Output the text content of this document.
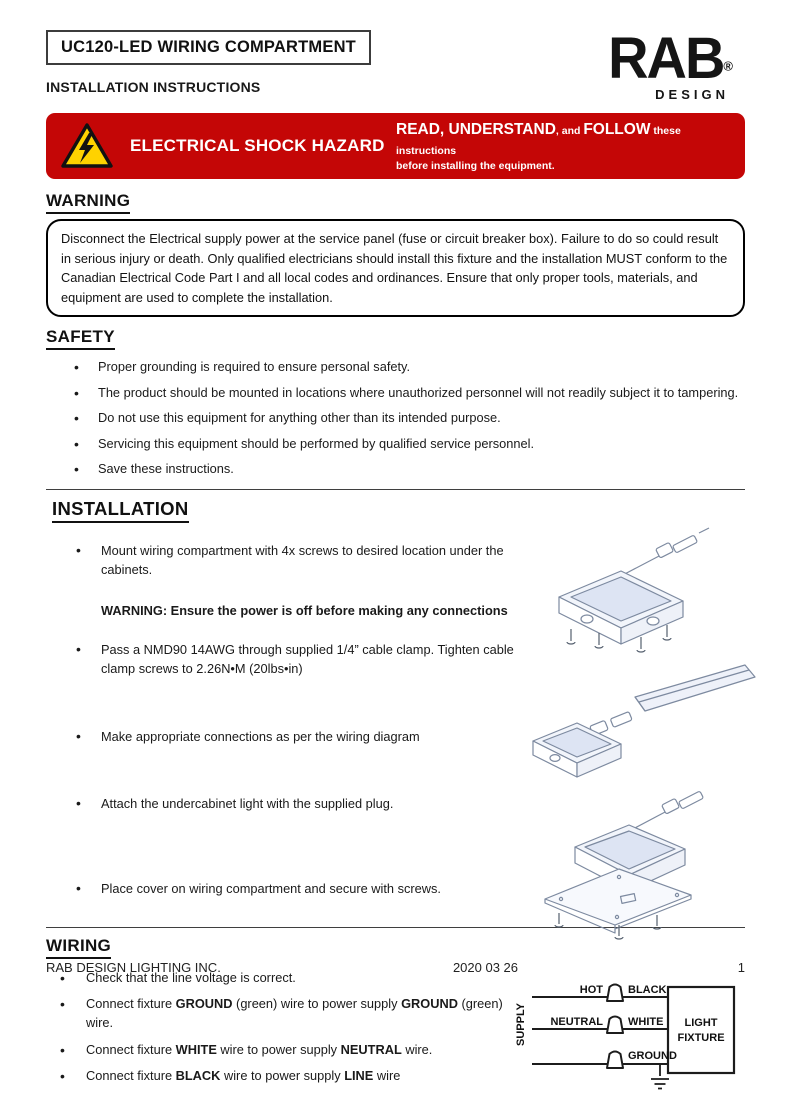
UC120-LED WIRING COMPARTMENT
INSTALLATION INSTRUCTIONS	RAB®
DESIGN
ELECTRICAL SHOCK HAZARD
READ, UNDERSTAND, and FOLLOW these instructions
before installing the equipment.
WARNING
Disconnect the Electrical supply power at the service panel (fuse or circuit breaker box). Failure to do so could result in serious injury or death. Only qualified electricians should install this fixture and the installation MUST conform to the Canadian Electrical Code Part I and all local codes and ordinances. Ensure that only proper tools, materials, and equipment are used to complete the installation.
SAFETY
• Proper grounding is required to ensure personal safety.
• The product should be mounted in locations where unauthorized personnel will not readily subject it to tampering.
• Do not use this equipment for anything other than its intended purpose.
• Servicing this equipment should be performed by qualified service personnel.
• Save these instructions.
INSTALLATION
• Mount wiring compartment with 4x screws to desired location under the cabinets.
WARNING: Ensure the power is off before making any connections
• Pass a NMD90 14AWG through supplied 1/4” cable clamp. Tighten cable clamp screws to 2.26N•M (20lbs•in)
• Make appropriate connections as per the wiring diagram
• Attach the undercabinet light with the supplied plug.
• Place cover on wiring compartment and secure with screws.
WIRING
• Check that the line voltage is correct.
• Connect fixture GROUND (green) wire to power supply GROUND (green) wire.
• Connect fixture WHITE wire to power supply NEUTRAL wire.
• Connect fixture BLACK wire to power supply LINE wire
SUPPLY
HOT BLACK
NEUTRAL WHITE
GROUND
LIGHT
FIXTURE
RAB DESIGN LIGHTING INC.	2020 03 26	1
